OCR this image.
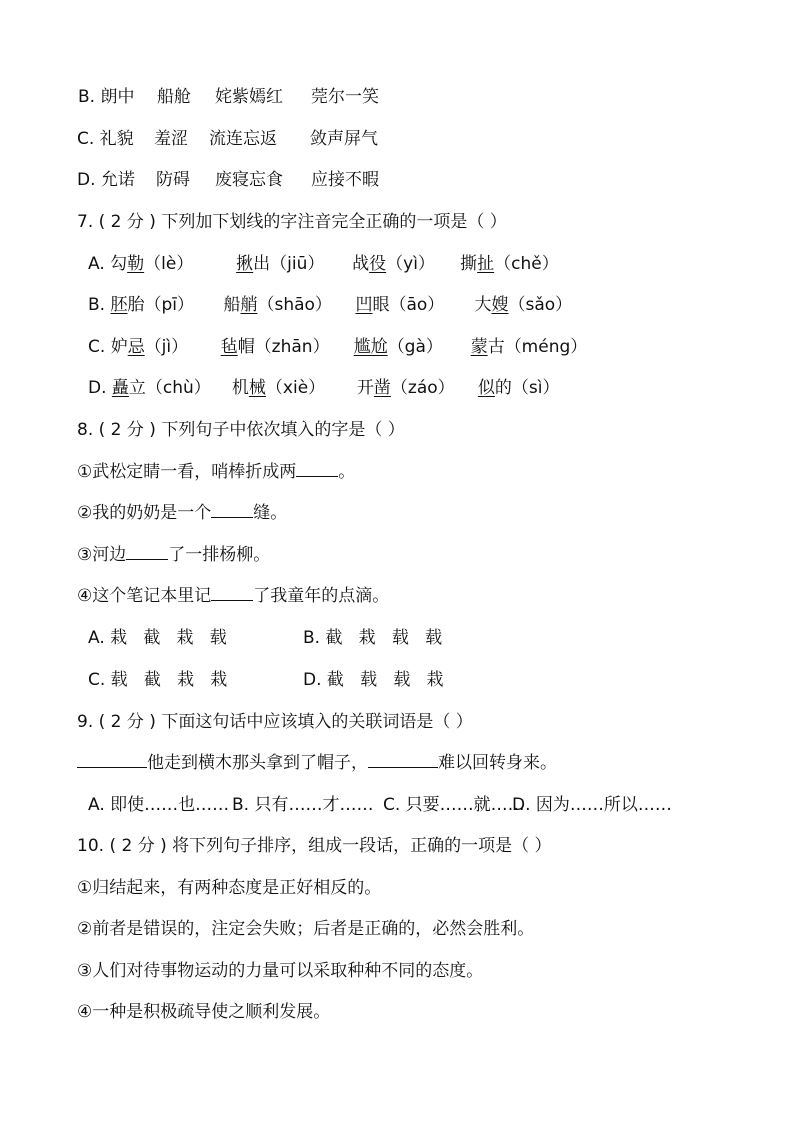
B. 朗中 船舱 姹紫嫣红 莞尔一笑
C. 礼貌 羞涩 流连忘返 敛声屏气
D. 允诺 防碍 废寝忘食 应接不暇
7. ( 2 分 ) 下列加下划线的字注音完全正确的一项是（ ）
A. 勾勒（lè）	揪出（jiū） 战役（yì） 撕扯（chě）
B. 胚胎（pī） 船艄（shāo） 凹眼（āo） 大嫂（sǎo）
C. 妒忌（jì） 毡帽（zhān） 尴尬（gà） 蒙古（méng）
D. 矗立（chù） 机械（xiè） 开凿（záo） 似的（sì）
8. ( 2 分 ) 下列句子中依次填入的字是（ ）
①武松定睛一看，哨棒折成两 。
②我的奶奶是一个 缝。
③河边 了一排杨柳。
④这个笔记本里记 了我童年的点滴。
A. 栽   截   栽   载	B. 截   栽   载   载
C. 载   截   栽   栽	D. 截   载   载   栽
9. ( 2 分 ) 下面这句话中应该填入的关联词语是（ ）
他走到横木那头拿到了帽子，	难以回转身来。
A. 即使……也…… B. 只有……才…… C. 只要……就……D. 因为……所以……
10. ( 2 分 ) 将下列句子排序，组成一段话，正确的一项是（ ）
①归结起来，有两种态度是正好相反的。
②前者是错误的，注定会失败；后者是正确的，必然会胜利。
③人们对待事物运动的力量可以采取种种不同的态度。
④一种是积极疏导使之顺利发展。
